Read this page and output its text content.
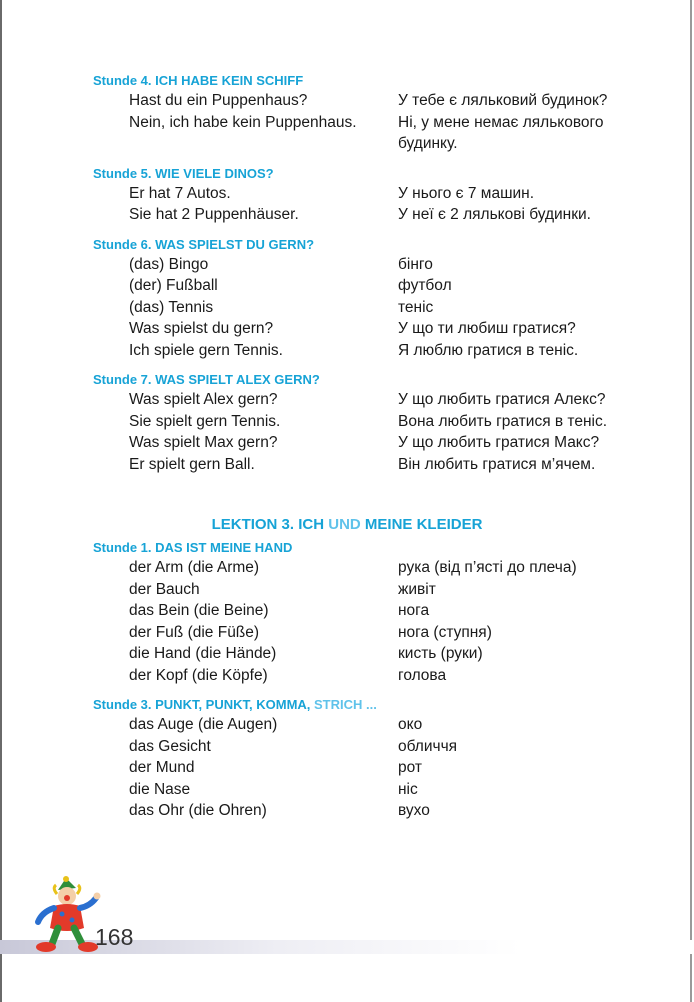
Stunde 4. ICH HABE KEIN SCHIFF
Hast du ein Puppenhaus?	У тебе є ляльковий будинок?
Nein, ich habe kein Puppenhaus.	Ні, у мене немає лялькового будинку.
Stunde 5. WIE VIELE DINOS?
Er hat 7 Autos.	У нього є 7 машин.
Sie hat 2 Puppenhäuser.	У неї є 2 лялькові будинки.
Stunde 6. WAS SPIELST DU GERN?
(das) Bingo	бінго
(der) Fußball	футбол
(das) Tennis	теніс
Was spielst du gern?	У що ти любиш гратися?
Ich spiele gern Tennis.	Я люблю гратися в теніс.
Stunde 7. WAS SPIELT ALEX GERN?
Was spielt Alex gern?	У що любить гратися Алекс?
Sie spielt gern Tennis.	Вона любить гратися в теніс.
Was spielt Max gern?	У що любить гратися Макс?
Er spielt gern Ball.	Він любить гратися м’ячем.
LEKTION 3. ICH UND MEINE KLEIDER
Stunde 1. DAS IST MEINE HAND
der Arm (die Arme)	рука (від п’ясті до плеча)
der Bauch	живіт
das Bein (die Beine)	нога
der Fuß (die Füße)	нога (ступня)
die Hand (die Hände)	кисть (руки)
der Kopf (die Köpfe)	голова
Stunde 3. PUNKT, PUNKT, KOMMA, STRICH ...
das Auge (die Augen)	око
das Gesicht	обличчя
der Mund	рот
die Nase	ніс
das Ohr (die Ohren)	вухо
168
